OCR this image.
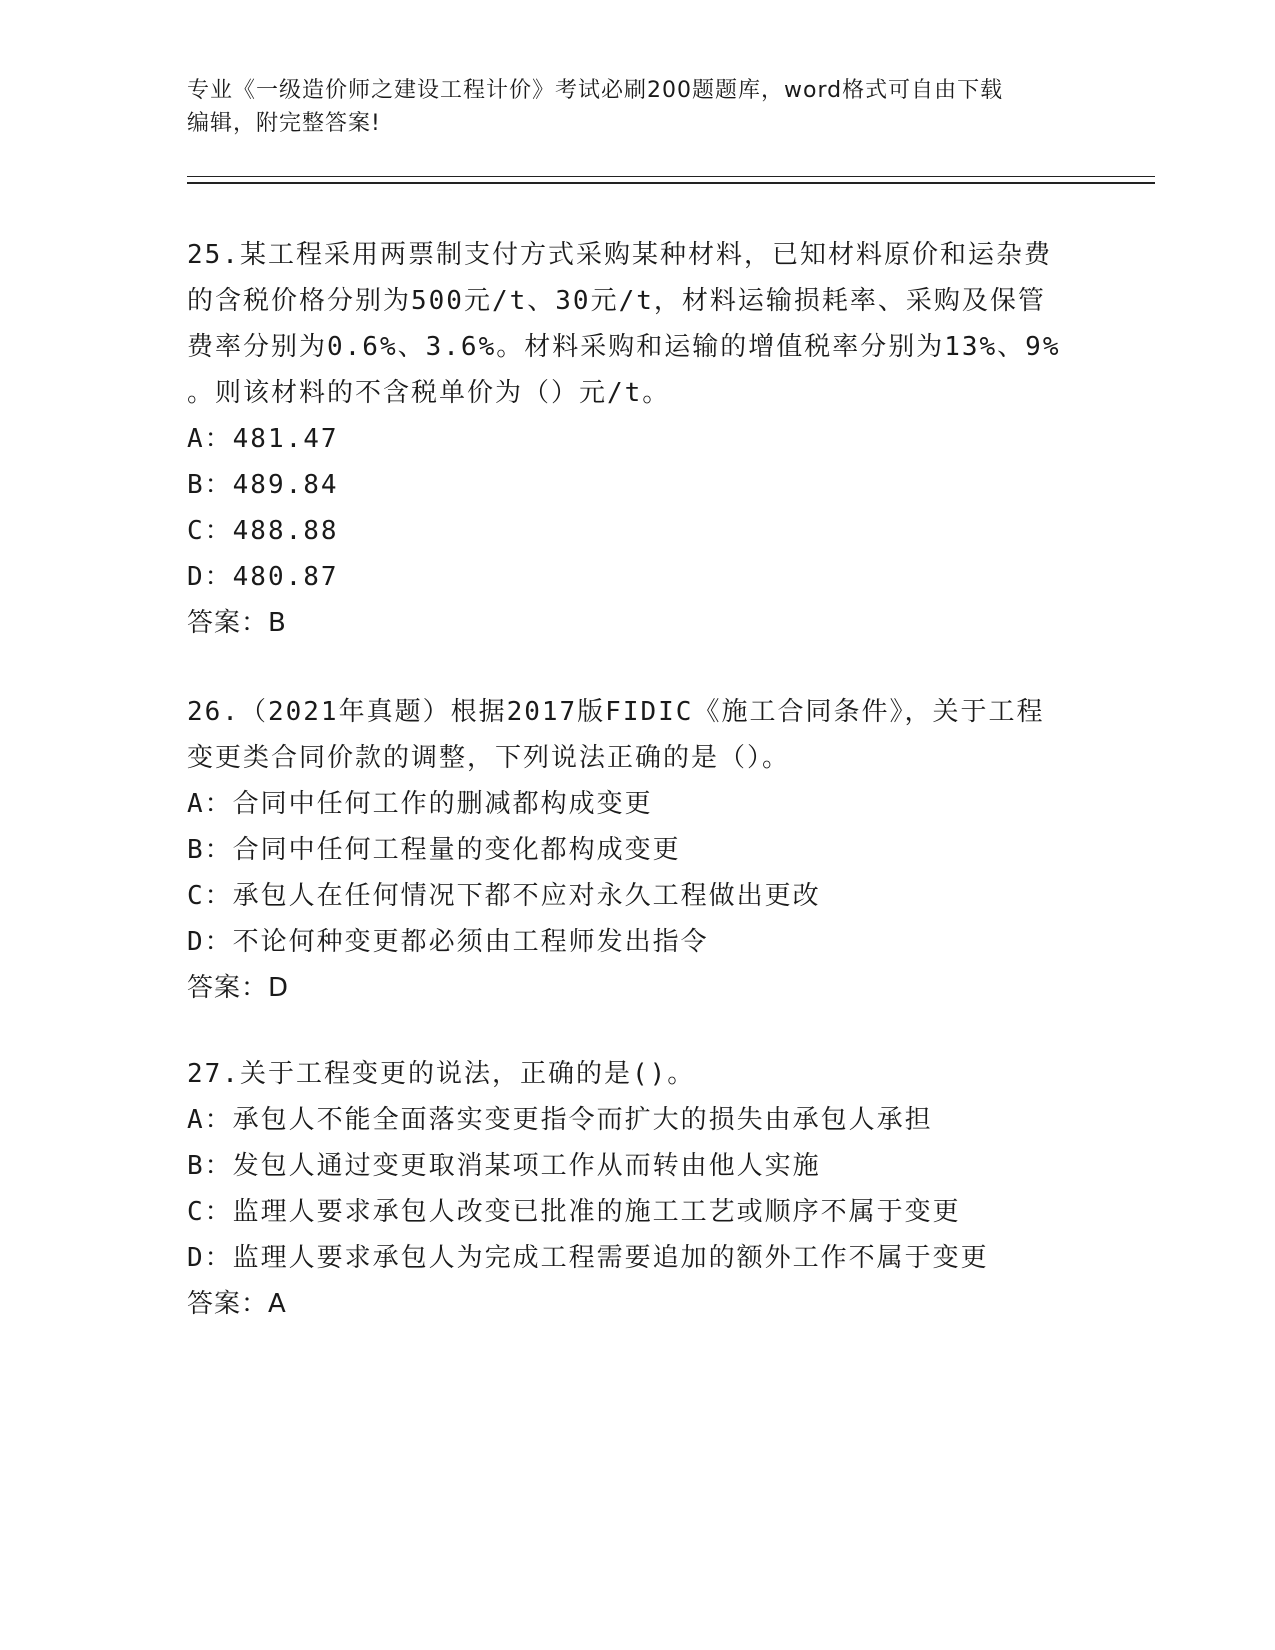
专业《一级造价师之建设工程计价》考试必刷200题题库，word格式可自由下载
编辑，附完整答案!
25.某工程采用两票制支付方式采购某种材料，已知材料原价和运杂费
的含税价格分别为500元/t、30元/t，材料运输损耗率、采购及保管
费率分别为0.6%、3.6%。材料采购和运输的增值税率分别为13%、9%
。则该材料的不含税单价为（）元/t。
A：481.47
B：489.84
C：488.88
D：480.87
答案：B
26.（2021年真题）根据2017版FIDIC《施工合同条件》，关于工程
变更类合同价款的调整，下列说法正确的是（）。
A：合同中任何工作的删减都构成变更
B：合同中任何工程量的变化都构成变更
C：承包人在任何情况下都不应对永久工程做出更改
D：不论何种变更都必须由工程师发出指令
答案：D
27.关于工程变更的说法，正确的是()。
A：承包人不能全面落实变更指令而扩大的损失由承包人承担
B：发包人通过变更取消某项工作从而转由他人实施
C：监理人要求承包人改变已批准的施工工艺或顺序不属于变更
D：监理人要求承包人为完成工程需要追加的额外工作不属于变更
答案：A
